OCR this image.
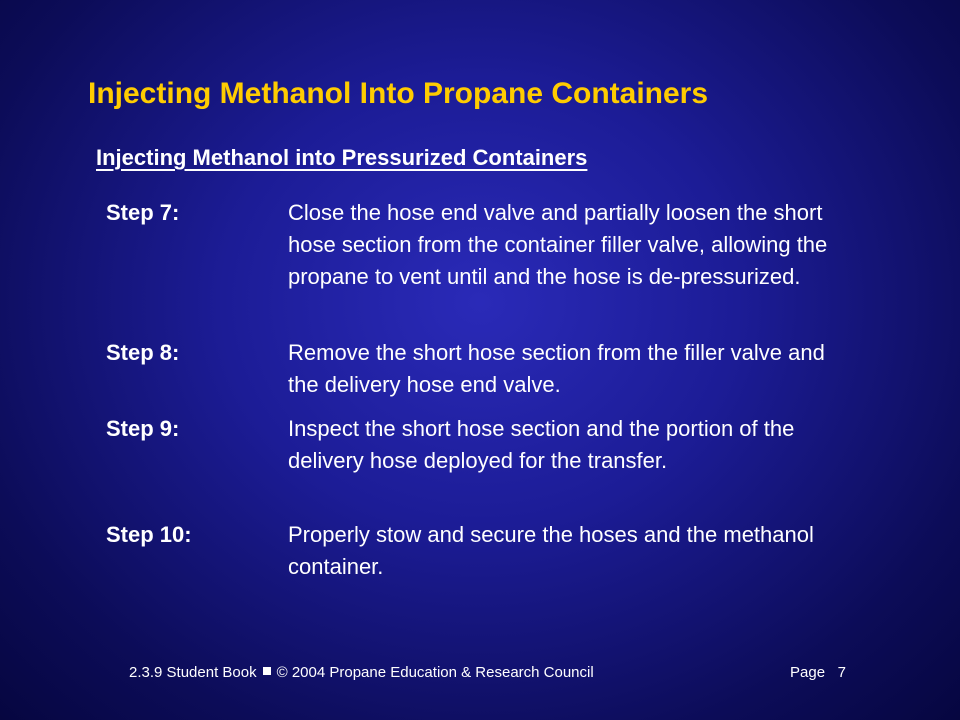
Injecting Methanol Into Propane Containers
Injecting Methanol into Pressurized Containers
Step 7:	Close the hose end valve and partially loosen the short hose section from the container filler valve, allowing the propane to vent until and the hose is de-pressurized.
Step 8:	Remove the short hose section from the filler valve and the delivery hose end valve.
Step 9:	Inspect the short hose section and the portion of the delivery hose deployed for the transfer.
Step 10:	Properly stow and secure the hoses and the methanol container.
2.3.9 Student Book © 2004 Propane Education & Research Council	Page 7
